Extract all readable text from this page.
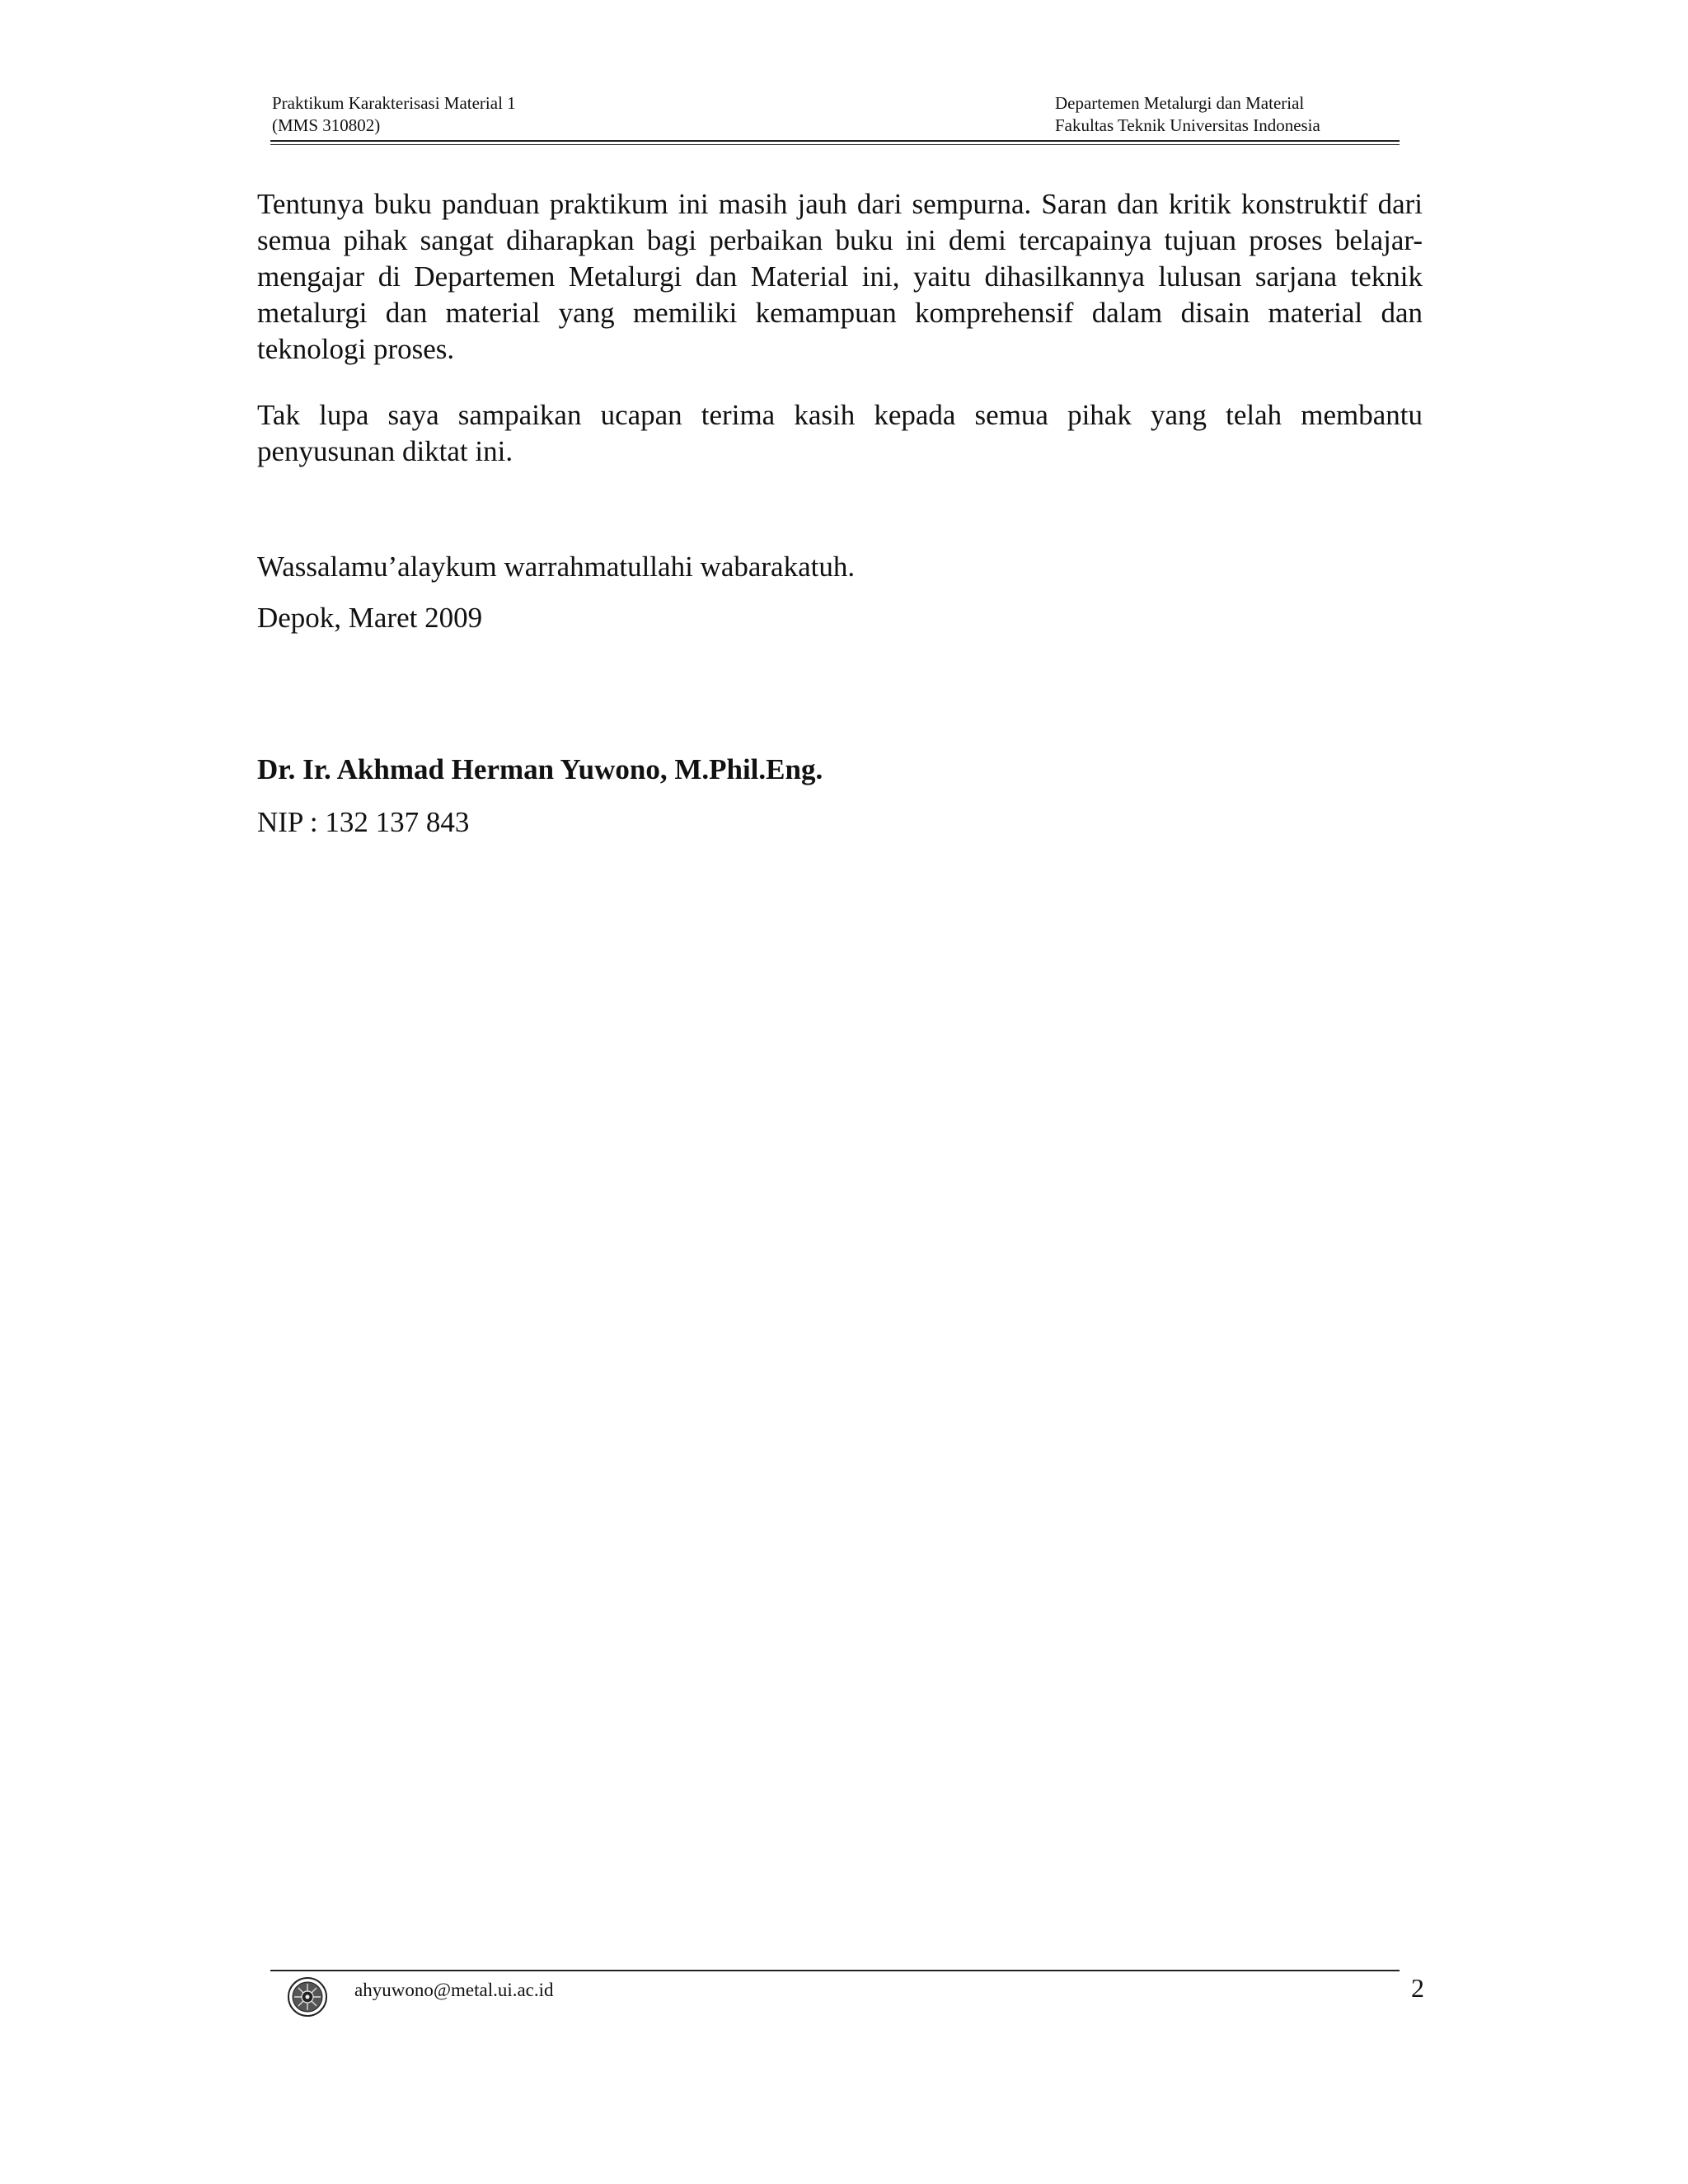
Praktikum Karakterisasi Material 1
(MMS 310802)
Departemen Metalurgi dan Material
Fakultas Teknik Universitas Indonesia

Tentunya buku panduan praktikum ini masih jauh dari sempurna. Saran dan kritik konstruktif dari semua pihak sangat diharapkan bagi perbaikan buku ini demi tercapainya tujuan proses belajar-mengajar di Departemen Metalurgi dan Material ini, yaitu dihasilkannya lulusan sarjana teknik metalurgi dan material yang memiliki kemampuan komprehensif dalam disain material dan teknologi proses.

Tak lupa saya sampaikan ucapan terima kasih kepada semua pihak yang telah membantu penyusunan diktat ini.

Wassalamu’alaykum warrahmatullahi wabarakatuh.

Depok, Maret 2009

Dr. Ir. Akhmad Herman Yuwono, M.Phil.Eng.

NIP : 132 137 843

ahyuwono@metal.ui.ac.id	2
